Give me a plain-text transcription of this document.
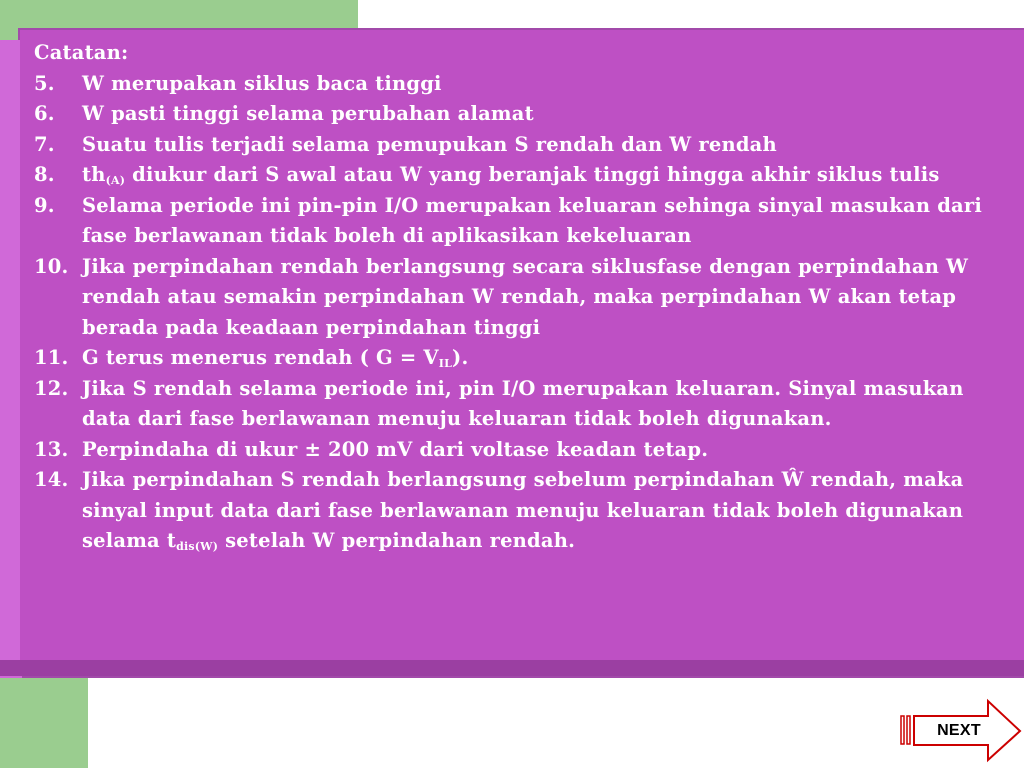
Catatan:
5. W merupakan siklus baca tinggi
6. W pasti tinggi selama perubahan alamat
7. Suatu tulis terjadi selama pemupukan S rendah dan W rendah
8. $th_{(A)}$ diukur dari S awal atau W yang beranjak tinggi hingga akhir siklus tulis
9. Selama periode ini pin-pin I/O merupakan keluaran sehinga sinyal masukan dari fase berlawanan tidak boleh di aplikasikan kekeluaran
10. Jika perpindahan rendah berlangsung secara siklusfase dengan perpindahan W rendah atau semakin perpindahan W rendah, maka perpindahan W akan tetap berada pada keadaan perpindahan tinggi
11. G terus menerus rendah ( $G = V_{IL}$).
12. Jika S rendah selama periode ini, pin I/O merupakan keluaran. Sinyal masukan data dari fase berlawanan menuju keluaran tidak boleh digunakan.
13. Perpindaha di ukur ± 200 mV dari voltase keadan tetap.
14. Jika perpindahan S rendah berlangsung sebelum perpindahan Ŵ rendah, maka sinyal input data dari fase berlawanan menuju keluaran tidak boleh digunakan selama $t_{dis(W)}$ setelah W perpindahan rendah.
NEXT
